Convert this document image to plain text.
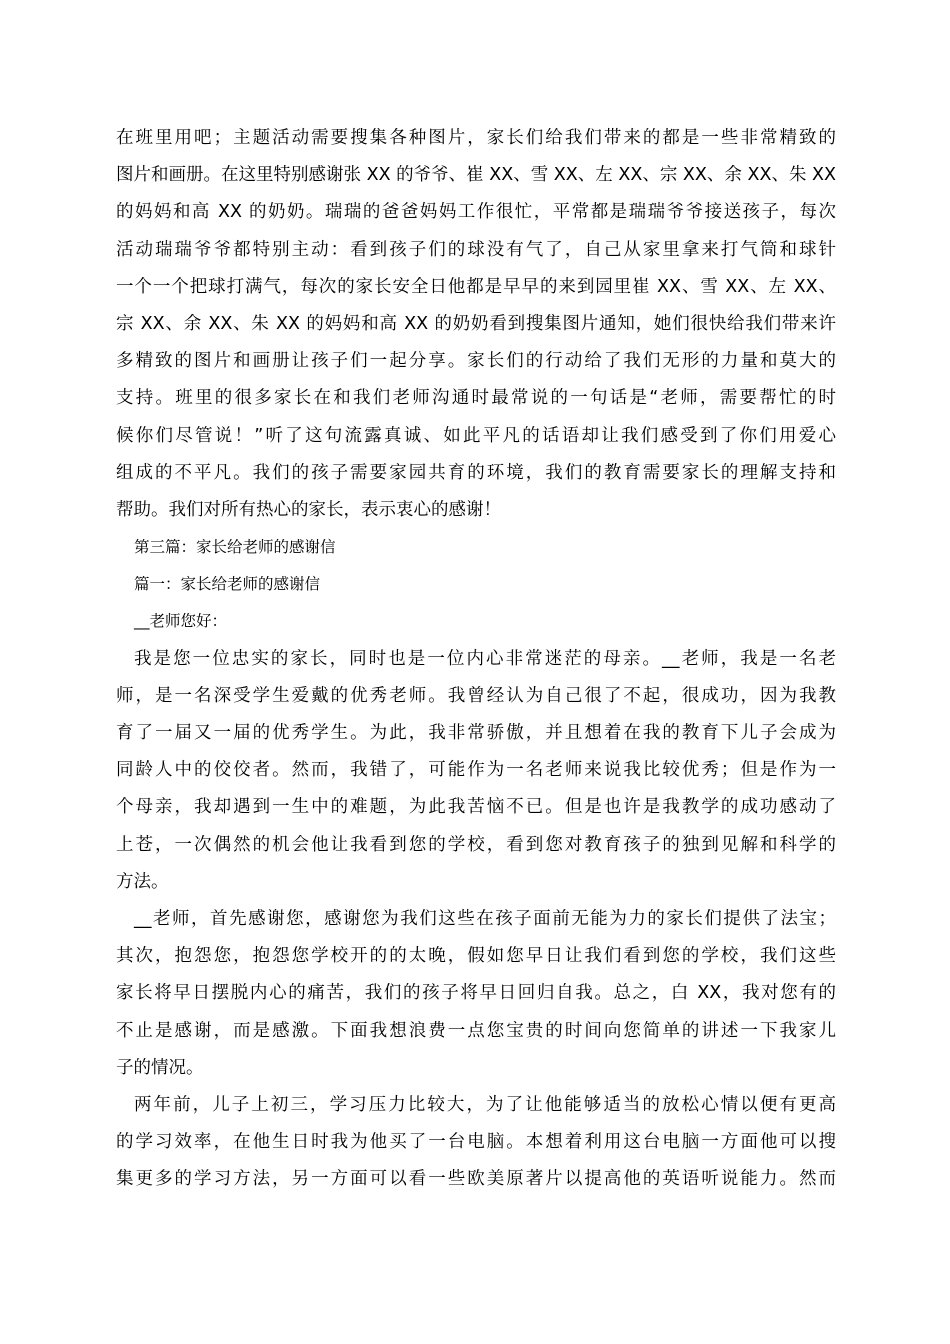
在班里用吧；主题活动需要搜集各种图片，家长们给我们带来的都是一些非常精致的
图片和画册。在这里特别感谢张 XX 的爷爷、崔 XX、雪 XX、左 XX、宗 XX、余 XX、朱 XX
的妈妈和高 XX 的奶奶。瑞瑞的爸爸妈妈工作很忙，平常都是瑞瑞爷爷接送孩子，每次
活动瑞瑞爷爷都特别主动：看到孩子们的球没有气了，自己从家里拿来打气筒和球针
一个一个把球打满气，每次的家长安全日他都是早早的来到园里崔 XX、雪 XX、左 XX、
宗 XX、余 XX、朱 XX 的妈妈和高 XX 的奶奶看到搜集图片通知，她们很快给我们带来许
多精致的图片和画册让孩子们一起分享。家长们的行动给了我们无形的力量和莫大的
支持。班里的很多家长在和我们老师沟通时最常说的一句话是“老师，需要帮忙的时
候你们尽管说！”听了这句流露真诚、如此平凡的话语却让我们感受到了你们用爱心
组成的不平凡。我们的孩子需要家园共育的环境，我们的教育需要家长的理解支持和
帮助。我们对所有热心的家长，表示衷心的感谢！
第三篇：家长给老师的感谢信
篇一：家长给老师的感谢信
__老师您好：
我是您一位忠实的家长，同时也是一位内心非常迷茫的母亲。__老师，我是一名老
师，是一名深受学生爱戴的优秀老师。我曾经认为自己很了不起，很成功，因为我教
育了一届又一届的优秀学生。为此，我非常骄傲，并且想着在我的教育下儿子会成为
同龄人中的佼佼者。然而，我错了，可能作为一名老师来说我比较优秀；但是作为一
个母亲，我却遇到一生中的难题，为此我苦恼不已。但是也许是我教学的成功感动了
上苍，一次偶然的机会他让我看到您的学校，看到您对教育孩子的独到见解和科学的
方法。
__老师，首先感谢您，感谢您为我们这些在孩子面前无能为力的家长们提供了法宝；
其次，抱怨您，抱怨您学校开的的太晚，假如您早日让我们看到您的学校，我们这些
家长将早日摆脱内心的痛苦，我们的孩子将早日回归自我。总之，白 XX，我对您有的
不止是感谢，而是感激。下面我想浪费一点您宝贵的时间向您简单的讲述一下我家儿
子的情况。
两年前，儿子上初三，学习压力比较大，为了让他能够适当的放松心情以便有更高
的学习效率，在他生日时我为他买了一台电脑。本想着利用这台电脑一方面他可以搜
集更多的学习方法，另一方面可以看一些欧美原著片以提高他的英语听说能力。然而
